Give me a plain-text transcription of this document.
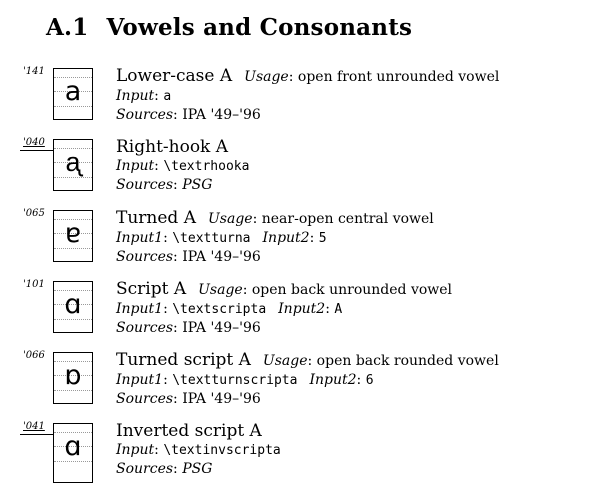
A.1 Vowels and Consonants
'141
a	Lower-case A Usage: open front unrounded vowel
Input: a
Sources: IPA '49–'96
'040
ᶏ	Right-hook A
Input: \textrhooka
Sources: PSG
'065
ɐ	Turned A Usage: near-open central vowel
Input1: \textturna Input2: 5
Sources: IPA '49–'96
'101
ɑ	Script A Usage: open back unrounded vowel
Input1: \textscripta Input2: A
Sources: IPA '49–'96
'066
ɒ	Turned script A Usage: open back rounded vowel
Input1: \textturnscripta Input2: 6
Sources: IPA '49–'96
'041
ɑ	Inverted script A
Input: \textinvscripta
Sources: PSG
